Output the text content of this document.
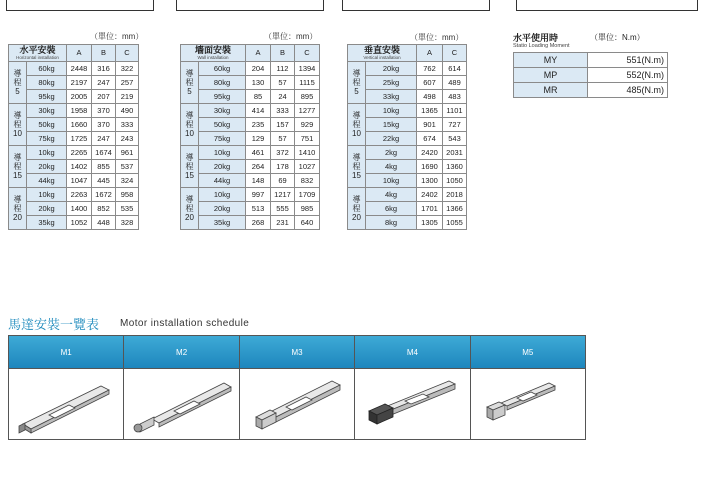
（單位：mm）	（單位：mm）	（單位：mm）
水平安裝
Horizontal installation		A	B	C
導
程
5	60kg	2448	316	322
	80kg	2197	247	257
	95kg	2005	207	219
導
程
10	30kg	1958	370	490
	50kg	1660	370	333
	75kg	1725	247	243
導
程
15	10kg	2265	1674	961
	20kg	1402	855	537
	44kg	1047	445	324
導
程
20	10kg	2263	1672	958
	20kg	1400	852	535
	35kg	1052	448	328
墻面安裝
Wall installation		A	B	C
導
程
5	60kg	204	112	1394
	80kg	130	57	1115
	95kg	85	24	895
導
程
10	30kg	414	333	1277
	50kg	235	157	929
	75kg	129	57	751
導
程
15	10kg	461	372	1410
	20kg	264	178	1027
	44kg	148	69	832
導
程
20	10kg	997	1217	1709
	20kg	513	555	985
	35kg	268	231	640
垂直安裝
Vertical installation		A	C
導
程
5	20kg	762	614
	25kg	607	489
	33kg	498	483
導
程
10	10kg	1365	1101
	15kg	901	727
	22kg	674	543
導
程
15	2kg	2420	2031
	4kg	1690	1360
	10kg	1300	1050
導
程
20	4kg	2402	2018
	6kg	1701	1366
	8kg	1305	1055
水平使用時
Statio Loading Moment
（單位：N.m）
MY	551(N.m)
MP	552(N.m)
MR	485(N.m)
馬達安裝一覽表 Motor installation schedule
M1	M2	M3	M4	M5
